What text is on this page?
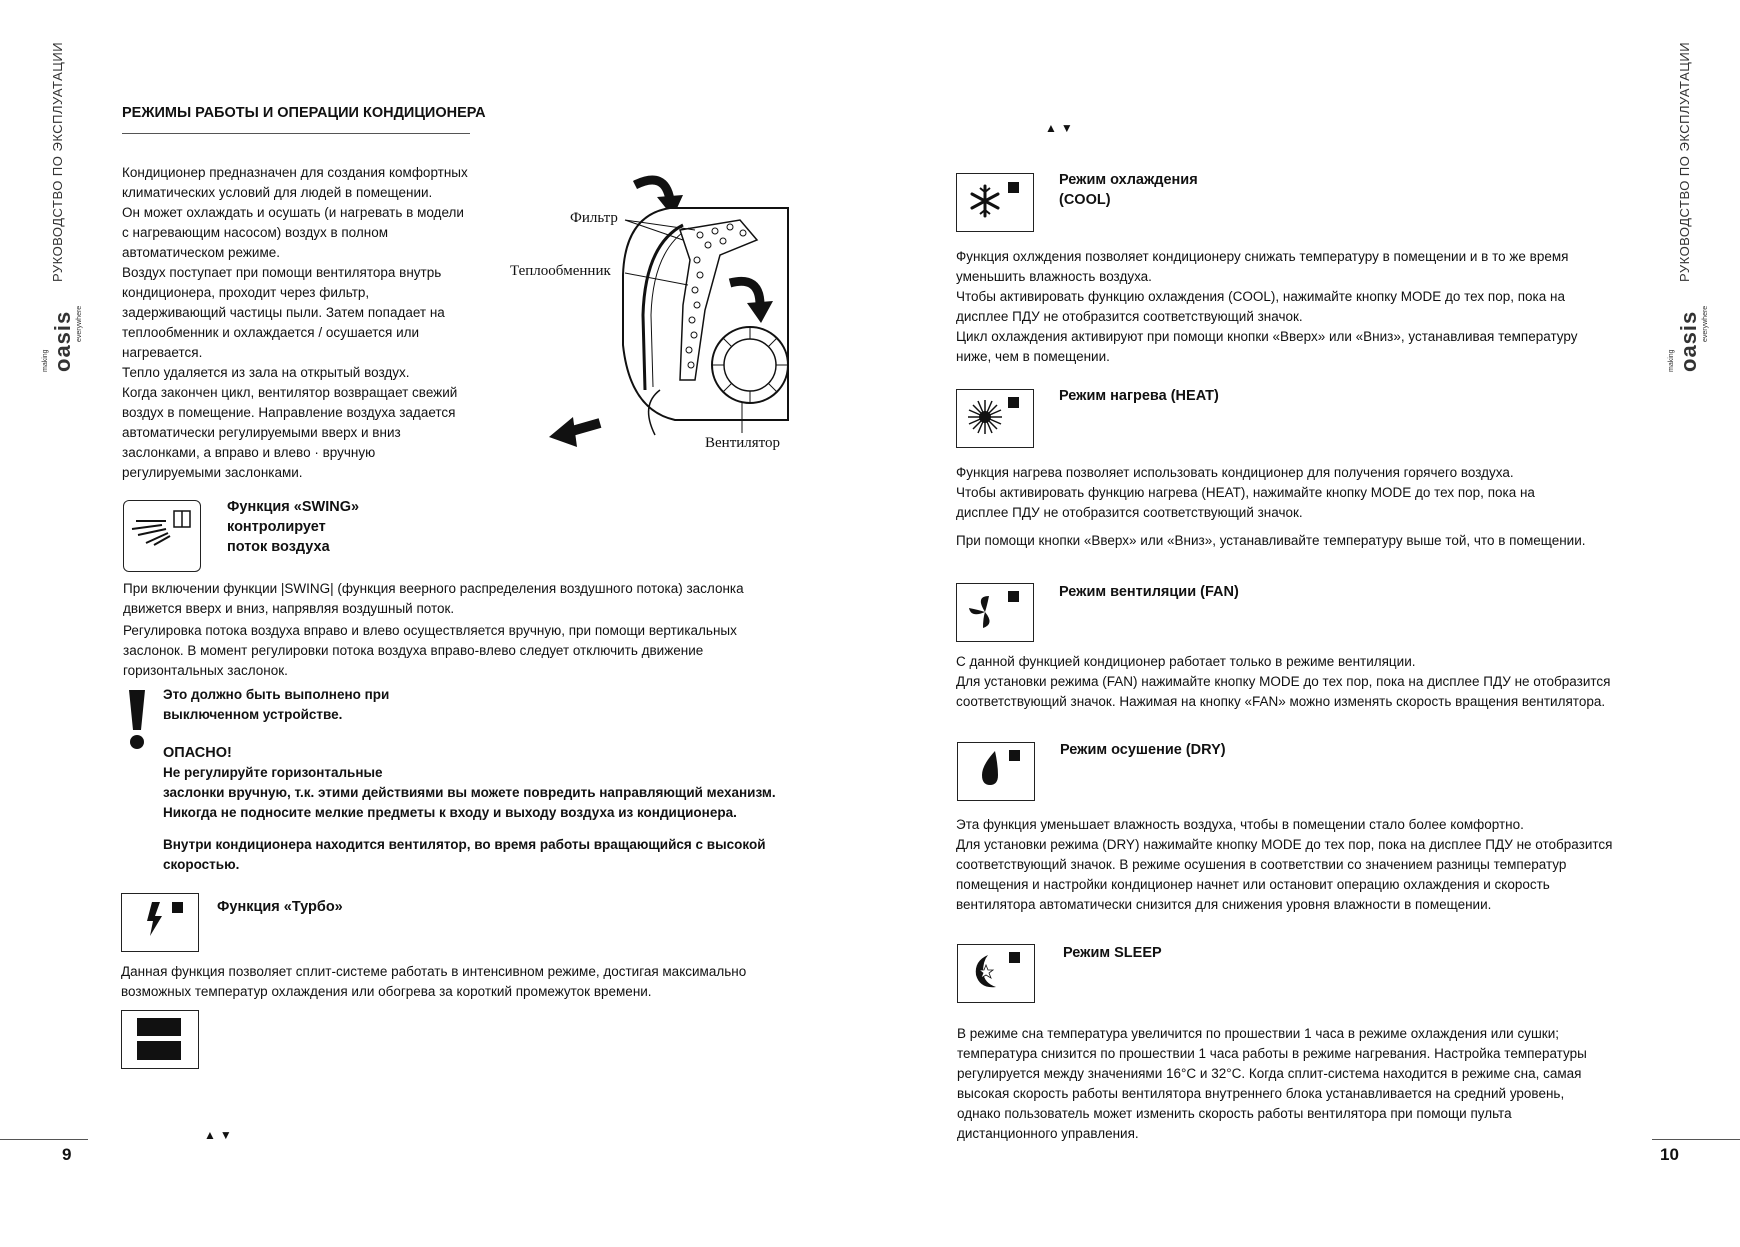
РУКОВОДСТВО ПО ЭКСПЛУАТАЦИИ
making oasis everywhere
РУКОВОДСТВО ПО ЭКСПЛУАТАЦИИ
making oasis everywhere
РЕЖИМЫ РАБОТЫ И ОПЕРАЦИИ КОНДИЦИОНЕРА

Кондиционер предназначен для создания комфортных

климатических условий для людей в помещении.

Он может охлаждать и осушать (и нагревать в модели

с нагревающим насосом) воздух в полном

автоматическом режиме.

Воздух поступает при помощи вентилятора внутрь

кондиционера, проходит через фильтр,

задерживающий частицы пыли. Затем попадает на

теплообменник и охлаждается / осушается или

нагревается.

Тепло удаляется из зала на открытый воздух.

Когда закончен цикл, вентилятор возвращает свежий

воздух в помещение. Направление воздуха задается

автоматически регулируемыми вверх и вниз

заслонками, а вправо и влево · вручную

регулируемыми заслонками.

Фильтр
Теплообменник
Вентилятор
Функция «SWING»
контролирует
поток воздуха

При включении функции |SWING| (функция веерного распределения воздушного потока) заслонка

движется вверх и вниз, напрявляя воздушный поток.

Регулировка потока воздуха вправо и влево осуществляется вручную, при помощи вертикальных

заслонок. В момент регулировки потока воздуха вправо-влево следует отключить движение

горизонтальных заслонок.

Это должно быть выполнено при

выключенном устройстве.

ОПАСНО!

Не регулируйте горизонтальные

заслонки вручную, т.к. этими действиями вы можете повредить направляющий механизм.

Никогда не подносите мелкие предметы к входу и выходу воздуха из кондиционера.

Внутри кондиционера находится вентилятор, во время работы вращающийся с высокой

скоростью.

Функция «Турбо»

Данная функция позволяет сплит-системе работать в интенсивном режиме, достигая максимально

возможных температур охлаждения или обогрева за короткий промежуток времени.

▲▼
9
▲▼
Режим охлаждения
(COOL)

Функция охлждения позволяет кондиционеру снижать температуру в помещении и в то же время

уменьшить влажность воздуха.

Чтобы активировать функцию охлаждения (COOL), нажимайте кнопку MODE до тех пор, пока на

дисплее ПДУ не отобразится соответствующий значок.

Цикл охлаждения активируют при помощи кнопки «Вверх» или «Вниз», устанавливая температуру

ниже, чем в помещении.

Режим нагрева (HEAT)

Функция нагрева позволяет использовать кондиционер для получения горячего воздуха.

Чтобы активировать функцию нагрева (HEAT), нажимайте кнопку MODE до тех пор, пока на

дисплее ПДУ не отобразится соответствующий значок.

При помощи кнопки «Вверх» или «Вниз», устанавливайте температуру выше той, что в помещении.

Режим вентиляции (FAN)

С данной функцией кондиционер работает только в режиме вентиляции.

Для установки режима (FAN) нажимайте кнопку MODE до тех пор, пока на дисплее ПДУ не отобразится

соответствующий значок. Нажимая на кнопку «FAN» можно изменять скорость вращения вентилятора.

Режим осушение (DRY)

Эта функция уменьшает влажность воздуха, чтобы в помещении стало более комфортно.

Для установки режима (DRY) нажимайте кнопку MODE до тех пор, пока на дисплее ПДУ не отобразится

соответствующий значок. В режиме осушения в соответствии со значением разницы температур

помещения и настройки кондиционер начнет или остановит операцию охлаждения и скорость

вентилятора автоматически снизится для снижения уровня влажности в помещении.

Режим SLEEP

В режиме сна температура увеличится по прошествии 1 часа в режиме охлаждения или сушки;

температура снизится по прошествии 1 часа работы в режиме нагревания. Настройка температуры

регулируется между значениями 16°С и 32°С. Когда сплит-система находится в режиме сна, самая

высокая скорость работы вентилятора внутреннего блока устанавливается на средний уровень,

однако пользователь может изменить скорость работы вентилятора при помощи пульта

дистанционного управления.

10
